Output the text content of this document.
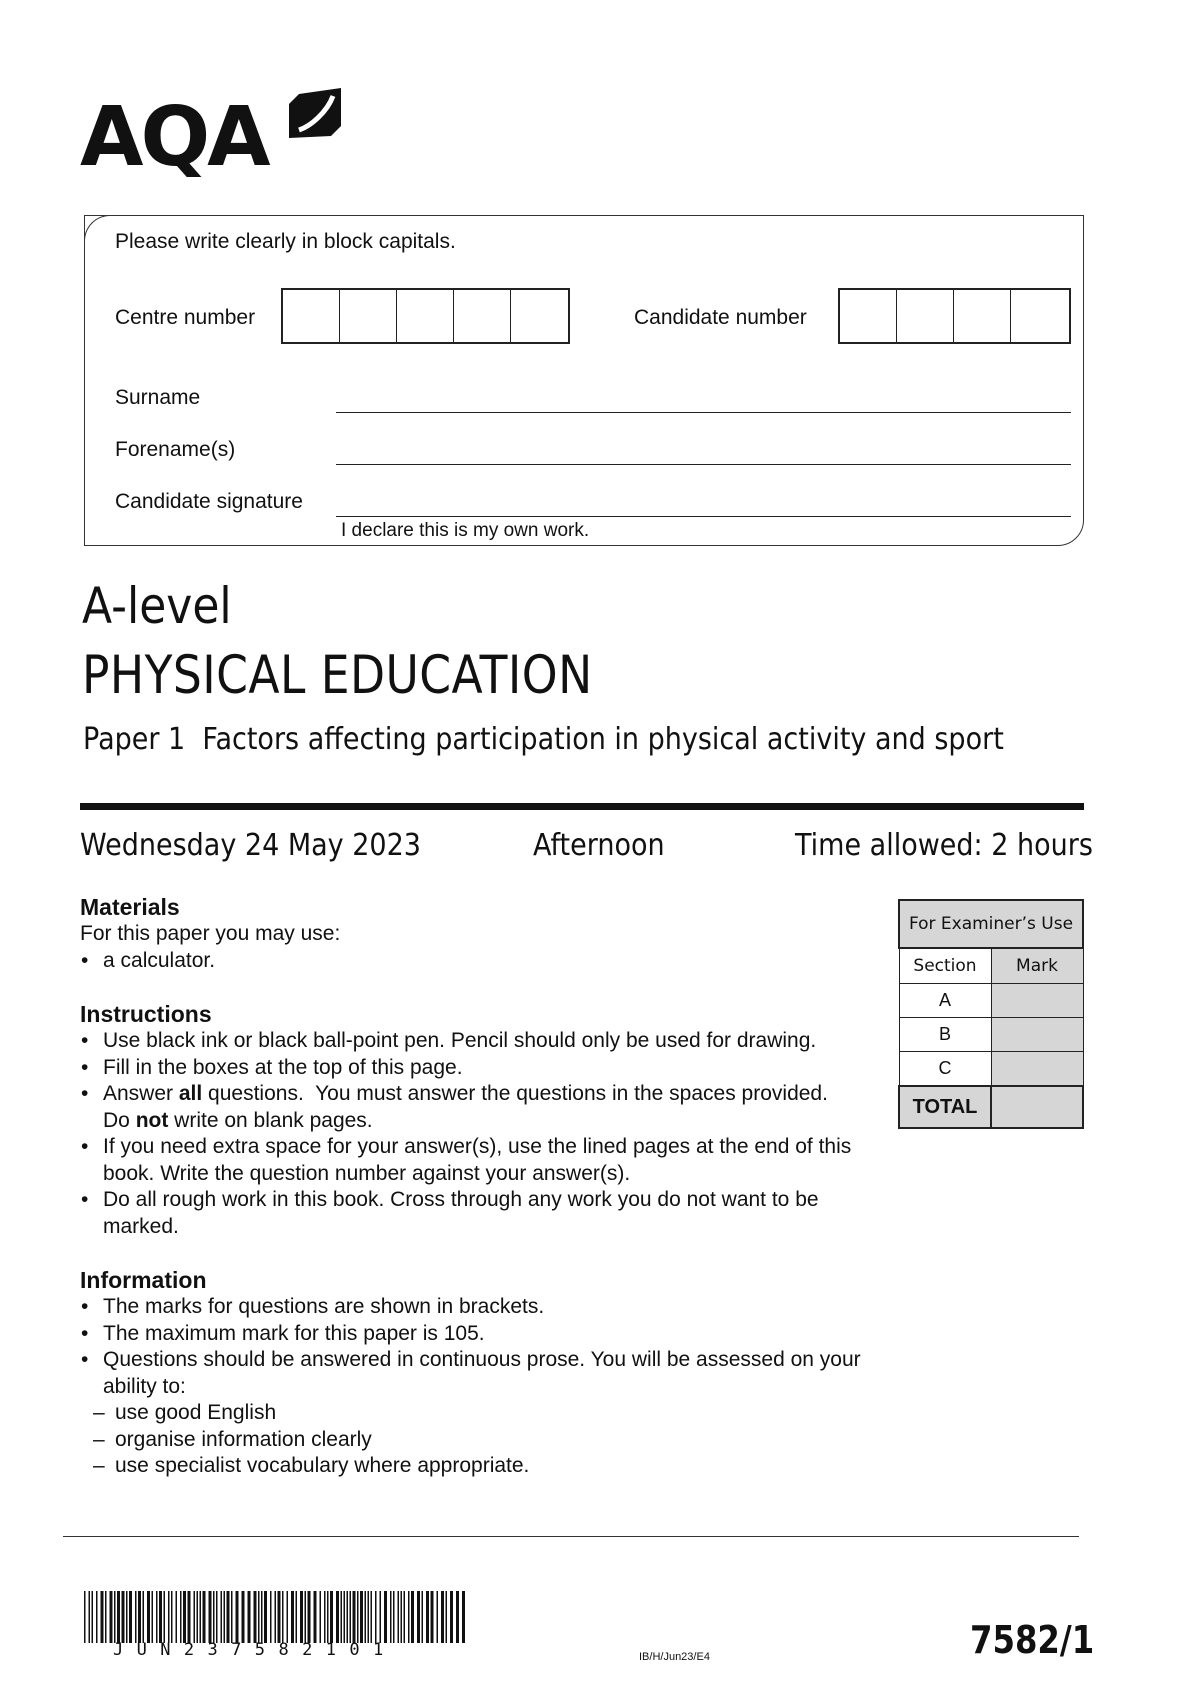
AQA
Please write clearly in block capitals.
Centre number	Candidate number
Surname
Forename(s)
Candidate signature
I declare this is my own work.
A-level
PHYSICAL EDUCATION
Paper 1  Factors affecting participation in physical activity and sport
Wednesday 24 May 2023	Afternoon	Time allowed: 2 hours
Materials
For this paper you may use:
• a calculator.
Instructions
• Use black ink or black ball-point pen. Pencil should only be used for drawing.
• Fill in the boxes at the top of this page.
• Answer all questions.  You must answer the questions in the spaces provided.
Do not write on blank pages.
• If you need extra space for your answer(s), use the lined pages at the end of this book. Write the question number against your answer(s).
• Do all rough work in this book. Cross through any work you do not want to be marked.
Information
• The marks for questions are shown in brackets.
• The maximum mark for this paper is 105.
• Questions should be answered in continuous prose. You will be assessed on your ability to:
– use good English
– organise information clearly
– use specialist vocabulary where appropriate.
For Examiner’s Use	
Section	Mark
A	
B	
C	
TOTAL	
JUN237582101	IB/H/Jun23/E4	7582/1
